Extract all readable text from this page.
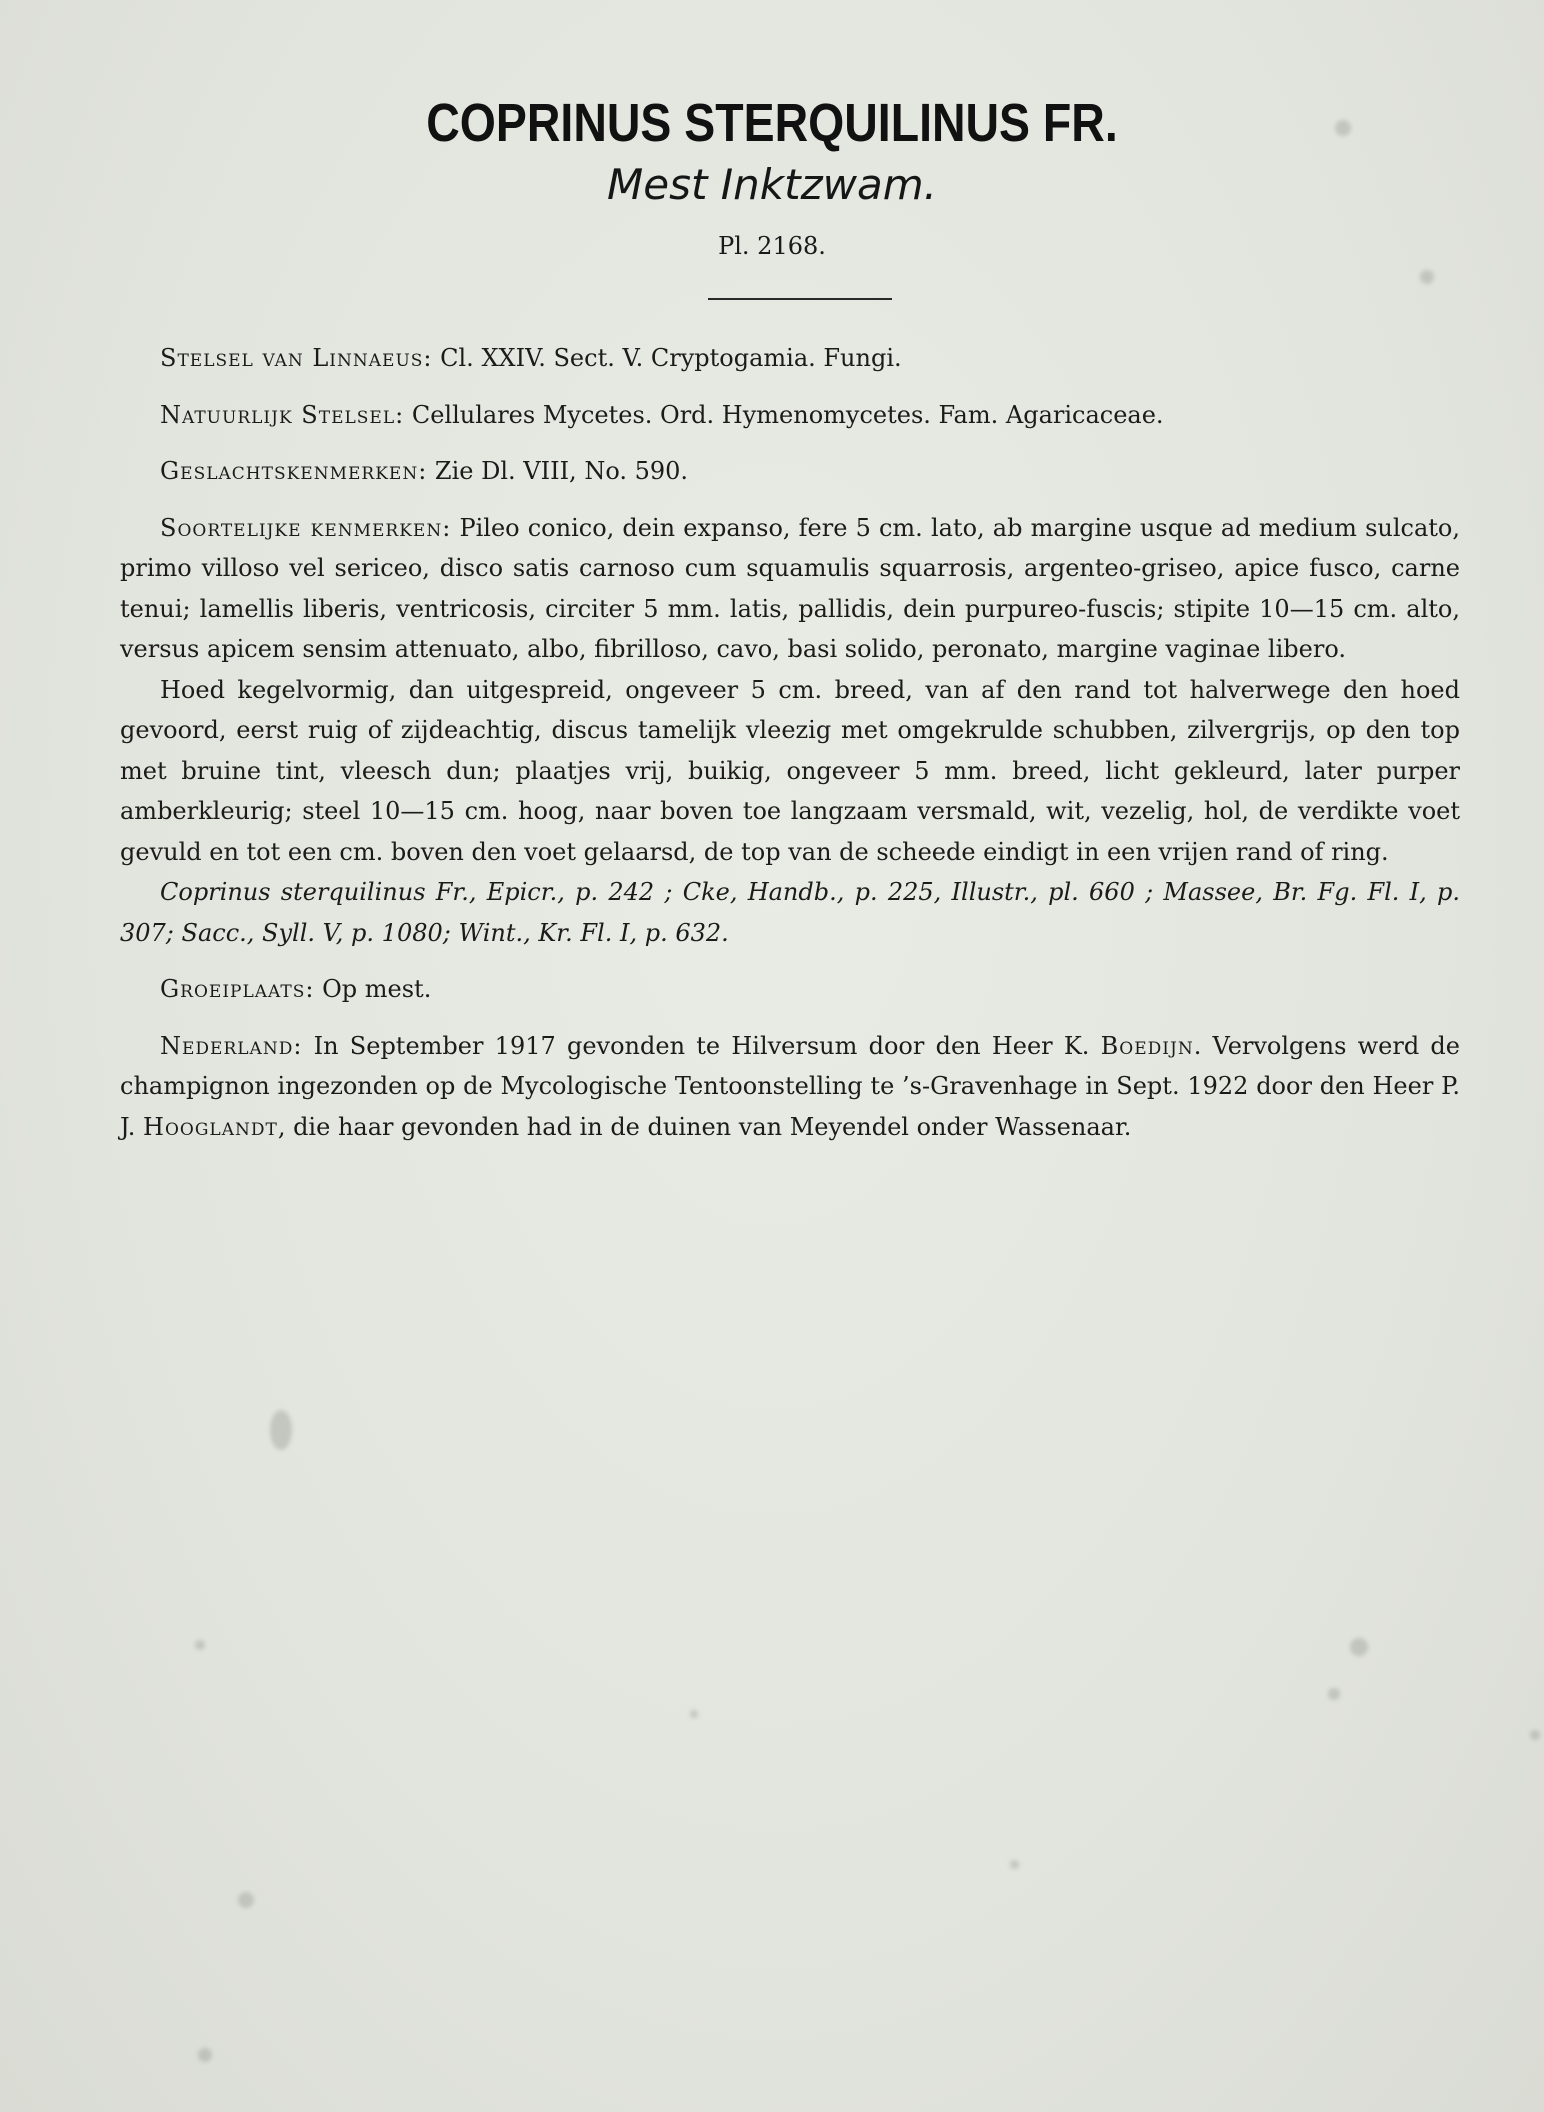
COPRINUS STERQUILINUS FR.
Mest Inktzwam.
Pl. 2168.

Stelsel van Linnaeus: Cl. XXIV. Sect. V. Cryptogamia. Fungi.

Natuurlijk Stelsel: Cellulares Mycetes. Ord. Hymenomycetes. Fam. Agaricaceae.

Geslachtskenmerken: Zie Dl. VIII, No. 590.

Soortelijke kenmerken: Pileo conico, dein expanso, fere 5 cm. lato, ab margine usque ad medium sulcato, primo villoso vel sericeo, disco satis carnoso cum squamulis squarrosis, argenteo-griseo, apice fusco, carne tenui; lamellis liberis, ventricosis, circiter 5 mm. latis, pallidis, dein purpureo-fuscis; stipite 10—15 cm. alto, versus apicem sensim attenuato, albo, fibrilloso, cavo, basi solido, peronato, margine vaginae libero.

Hoed kegelvormig, dan uitgespreid, ongeveer 5 cm. breed, van af den rand tot halverwege den hoed gevoord, eerst ruig of zijdeachtig, discus tamelijk vleezig met omgekrulde schubben, zilvergrijs, op den top met bruine tint, vleesch dun; plaatjes vrij, buikig, ongeveer 5 mm. breed, licht gekleurd, later purper amberkleurig; steel 10—15 cm. hoog, naar boven toe langzaam versmald, wit, vezelig, hol, de verdikte voet gevuld en tot een cm. boven den voet gelaarsd, de top van de scheede eindigt in een vrijen rand of ring.

Coprinus sterquilinus Fr., Epicr., p. 242 ; Cke, Handb., p. 225, Illustr., pl. 660 ; Massee, Br. Fg. Fl. I, p. 307; Sacc., Syll. V, p. 1080; Wint., Kr. Fl. I, p. 632.

Groeiplaats: Op mest.

Nederland: In September 1917 gevonden te Hilversum door den Heer K. Boedijn. Vervolgens werd de champignon ingezonden op de Mycologische Tentoonstelling te ’s-Gravenhage in Sept. 1922 door den Heer P. J. Hooglandt, die haar gevonden had in de duinen van Meyendel onder Wassenaar.
